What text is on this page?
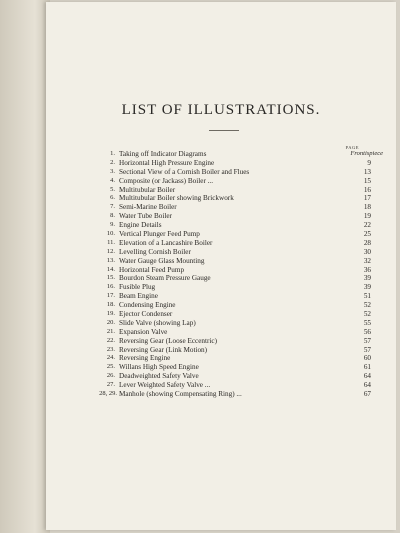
LIST OF ILLUSTRATIONS.
PAGE
1. Taking off Indicator Diagrams	Frontispiece
2. Horizontal High Pressure Engine	9
3. Sectional View of a Cornish Boiler and Flues	13
4. Composite (or Jackass) Boiler ...	15
5. Multitubular Boiler	16
6. Multitubular Boiler showing Brickwork	17
7. Semi-Marine Boiler	18
8. Water Tube Boiler	19
9. Engine Details	22
10. Vertical Plunger Feed Pump	25
11. Elevation of a Lancashire Boiler	28
12. Levelling Cornish Boiler	30
13. Water Gauge Glass Mounting	32
14. Horizontal Feed Pump	36
15. Bourdon Steam Pressure Gauge	39
16. Fusible Plug	39
17. Beam Engine	51
18. Condensing Engine	52
19. Ejector Condenser	52
20. Slide Valve (showing Lap)	55
21. Expansion Valve	56
22. Reversing Gear (Loose Eccentric)	57
23. Reversing Gear (Link Motion)	57
24. Reversing Engine	60
25. Willans High Speed Engine	61
26. Deadweighted Safety Valve	64
27. Lever Weighted Safety Valve ...	64
28, 29. Manhole (showing Compensating Ring) ...	67
